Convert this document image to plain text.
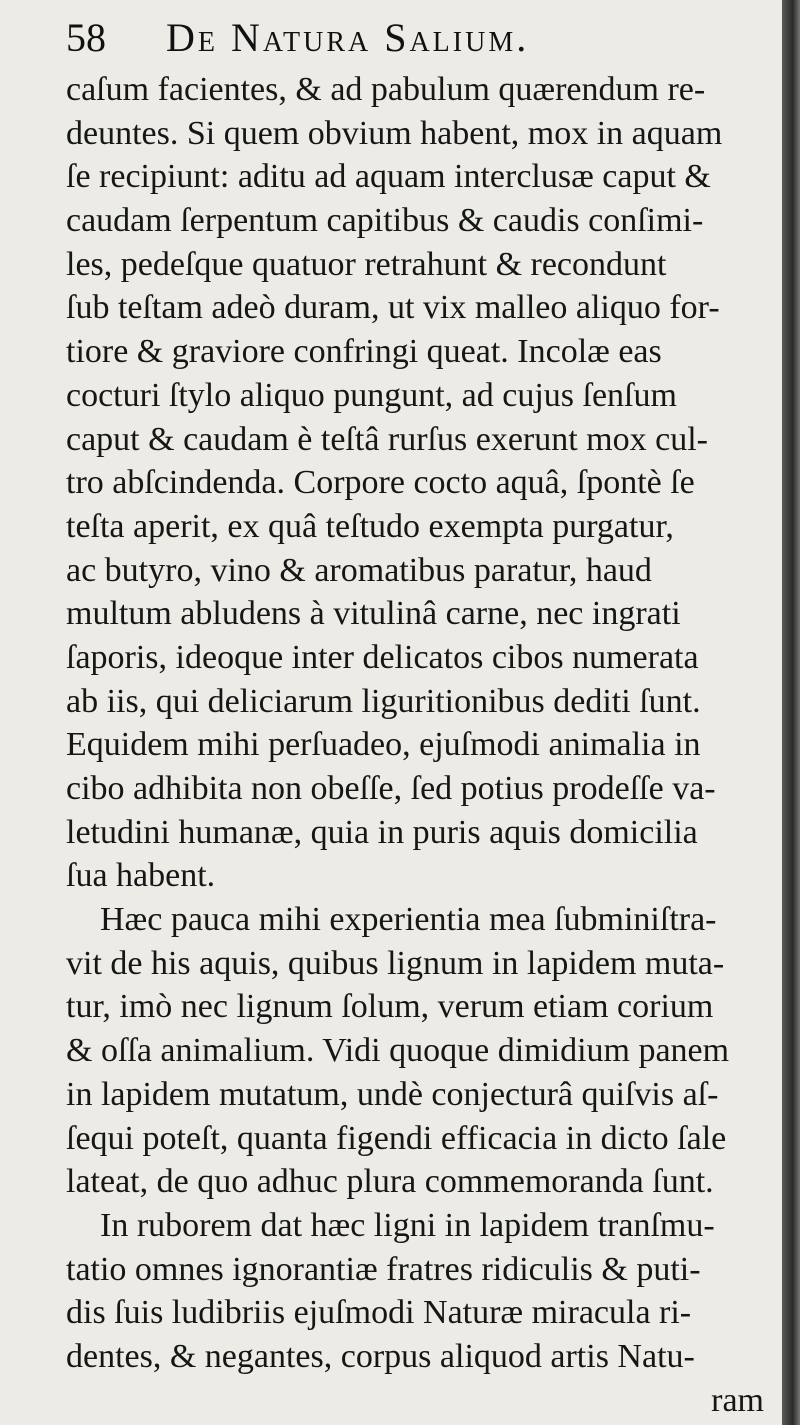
58 De Natura Salium.
caſum facientes, & ad pabulum quærendum re-
deuntes. Si quem obvium habent, mox in aquam
ſe recipiunt: aditu ad aquam interclusæ caput &
caudam ſerpentum capitibus & caudis conſimi-
les, pedeſque quatuor retrahunt & recondunt
ſub teſtam adeò duram, ut vix malleo aliquo for-
tiore & graviore confringi queat. Incolæ eas
cocturi ſtylo aliquo pungunt, ad cujus ſenſum
caput & caudam è teſtâ rurſus exerunt mox cul-
tro abſcindenda. Corpore cocto aquâ, ſpontè ſe
teſta aperit, ex quâ teſtudo exempta purgatur,
ac butyro, vino & aromatibus paratur, haud
multum abludens à vitulinâ carne, nec ingrati
ſaporis, ideoque inter delicatos cibos numerata
ab iis, qui deliciarum liguritionibus dediti ſunt.
Equidem mihi perſuadeo, ejuſmodi animalia in
cibo adhibita non obeſſe, ſed potius prodeſſe va-
letudini humanæ, quia in puris aquis domicilia
ſua habent.
Hæc pauca mihi experientia mea ſubminiſtra-
vit de his aquis, quibus lignum in lapidem muta-
tur, imò nec lignum ſolum, verum etiam corium
& oſſa animalium. Vidi quoque dimidium panem
in lapidem mutatum, undè conjecturâ quiſvis aſ-
ſequi poteſt, quanta figendi efficacia in dicto ſale
lateat, de quo adhuc plura commemoranda ſunt.
In ruborem dat hæc ligni in lapidem tranſmu-
tatio omnes ignorantiæ fratres ridiculis & puti-
dis ſuis ludibriis ejuſmodi Naturæ miracula ri-
dentes, & negantes, corpus aliquod artis Natu-
ram
